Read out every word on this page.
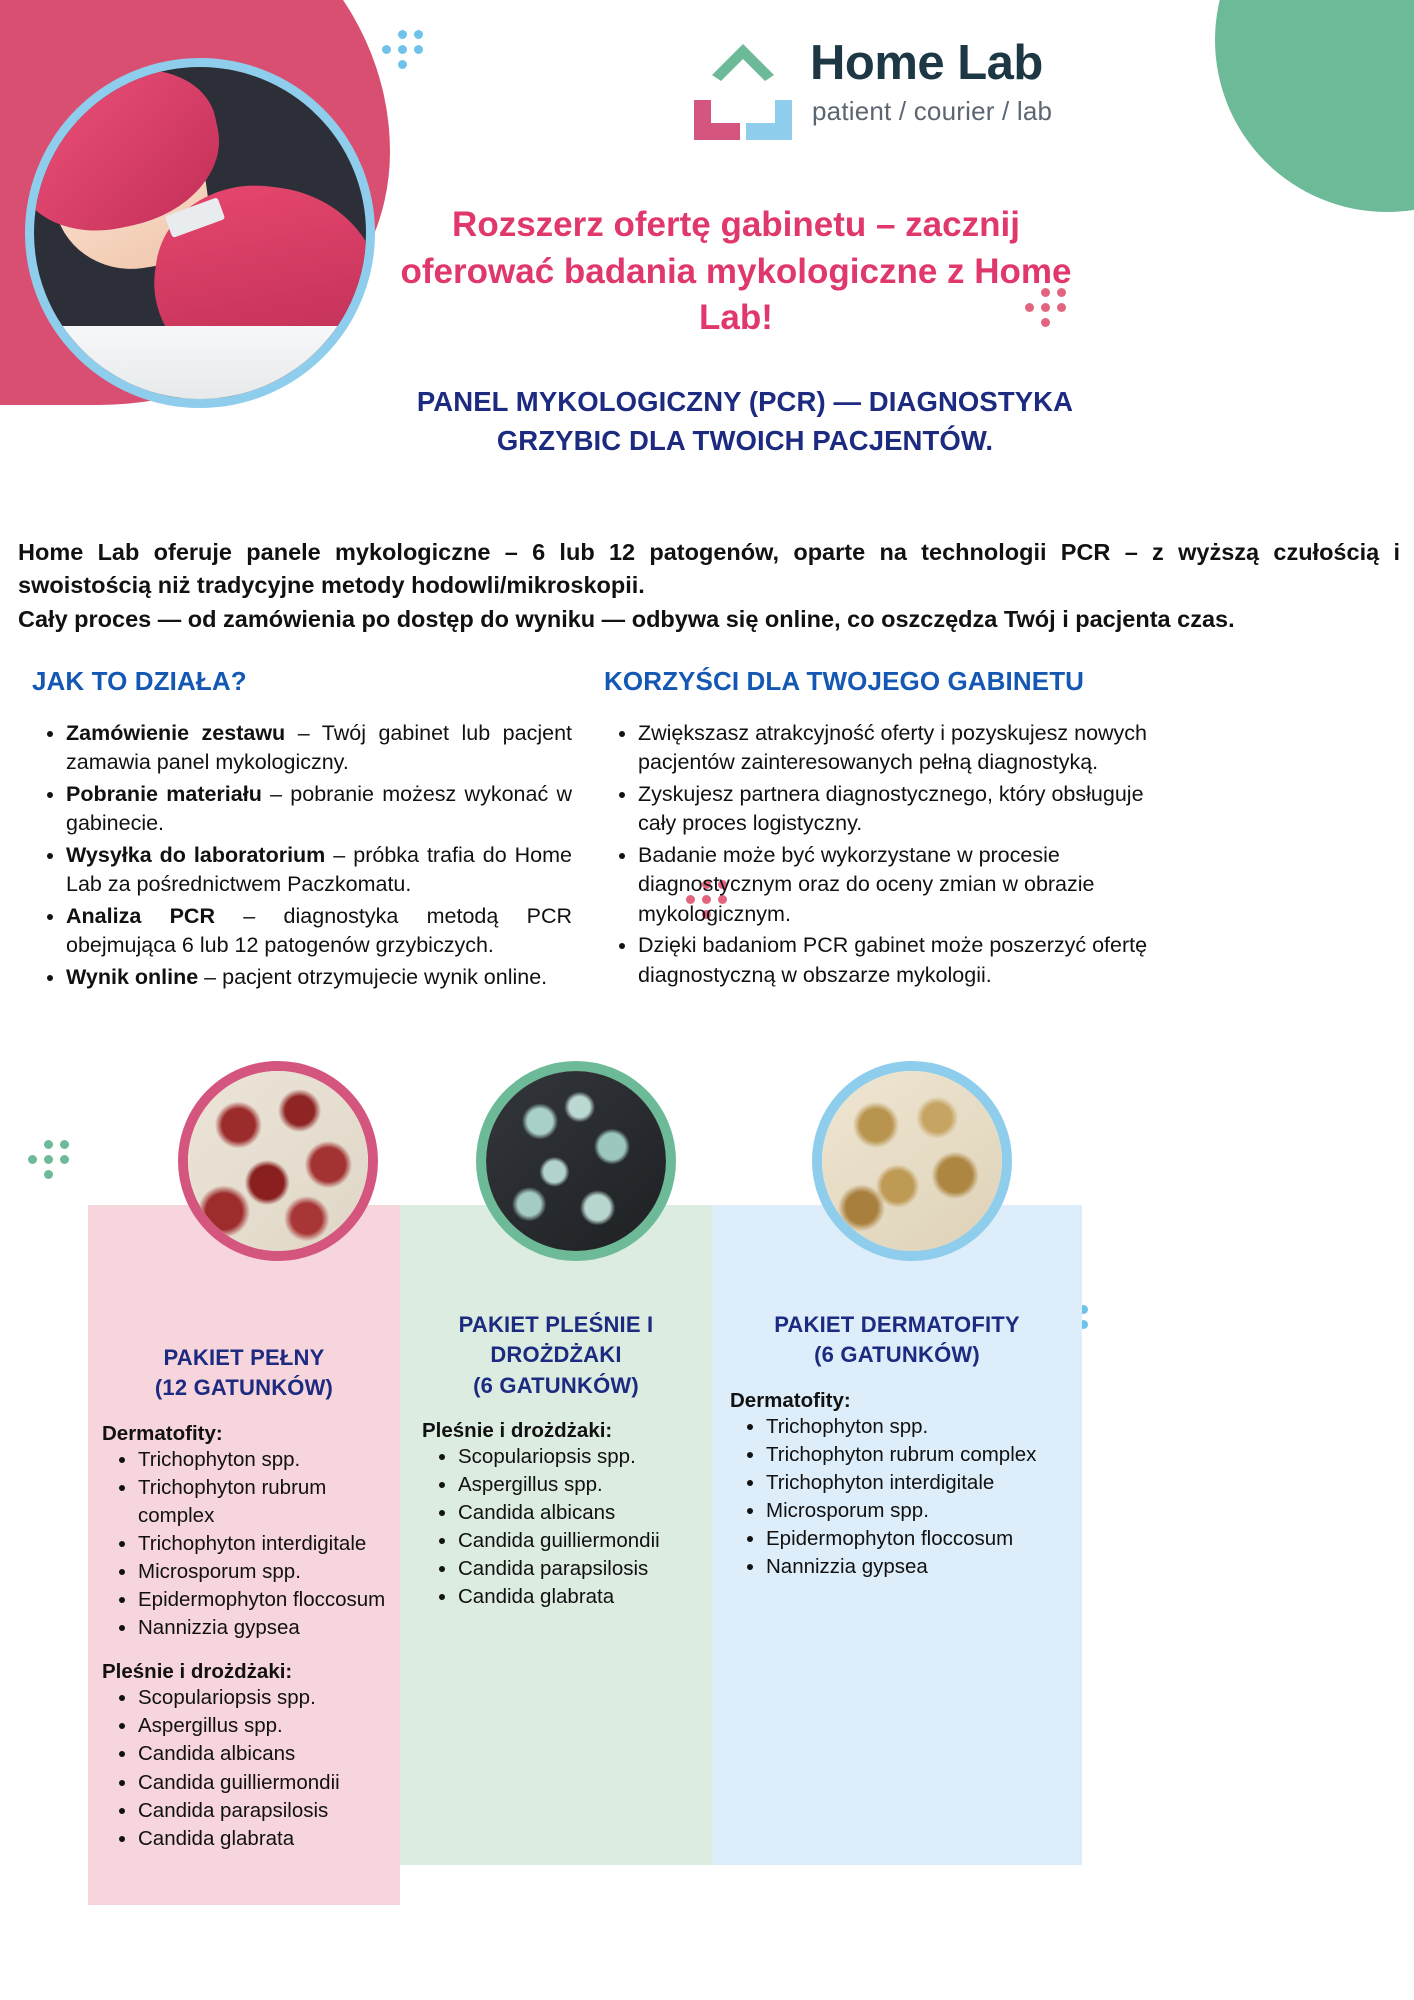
Home Lab
patient / courier / lab
Rozszerz ofertę gabinetu – zacznij oferować badania mykologiczne z Home Lab!
PANEL MYKOLOGICZNY (PCR) — DIAGNOSTYKA GRZYBIC DLA TWOICH PACJENTÓW.

Home Lab oferuje panele mykologiczne – 6 lub 12 patogenów, oparte na technologii PCR – z wyższą czułością i swoistością niż tradycyjne metody hodowli/mikroskopii.

Cały proces — od zamówienia po dostęp do wyniku — odbywa się online, co oszczędza Twój i pacjenta czas.

JAK TO DZIAŁA?
• Zamówienie zestawu – Twój gabinet lub pacjent zamawia panel mykologiczny.
• Pobranie materiału – pobranie możesz wykonać w gabinecie.
• Wysyłka do laboratorium – próbka trafia do Home Lab za pośrednictwem Paczkomatu.
• Analiza PCR – diagnostyka metodą PCR obejmująca 6 lub 12 patogenów grzybiczych.
• Wynik online – pacjent otrzymujecie wynik online.
KORZYŚCI DLA TWOJEGO GABINETU
• Zwiększasz atrakcyjność oferty i pozyskujesz nowych pacjentów zainteresowanych pełną diagnostyką.
• Zyskujesz partnera diagnostycznego, który obsługuje cały proces logistyczny.
• Badanie może być wykorzystane w procesie diagnostycznym oraz do oceny zmian w obrazie mykologicznym.
• Dzięki badaniom PCR gabinet może poszerzyć ofertę diagnostyczną w obszarze mykologii.
PAKIET PEŁNY
(12 GATUNKÓW)
Dermatofity:
• Trichophyton spp.
• Trichophyton rubrum complex
• Trichophyton interdigitale
• Microsporum spp.
• Epidermophyton floccosum
• Nannizzia gypsea
Pleśnie i drożdżaki:
• Scopulariopsis spp.
• Aspergillus spp.
• Candida albicans
• Candida guilliermondii
• Candida parapsilosis
• Candida glabrata
PAKIET PLEŚNIE I DROŻDŻAKI
(6 GATUNKÓW)
Pleśnie i drożdżaki:
• Scopulariopsis spp.
• Aspergillus spp.
• Candida albicans
• Candida guilliermondii
• Candida parapsilosis
• Candida glabrata
PAKIET DERMATOFITY
(6 GATUNKÓW)
Dermatofity:
• Trichophyton spp.
• Trichophyton rubrum complex
• Trichophyton interdigitale
• Microsporum spp.
• Epidermophyton floccosum
• Nannizzia gypsea
